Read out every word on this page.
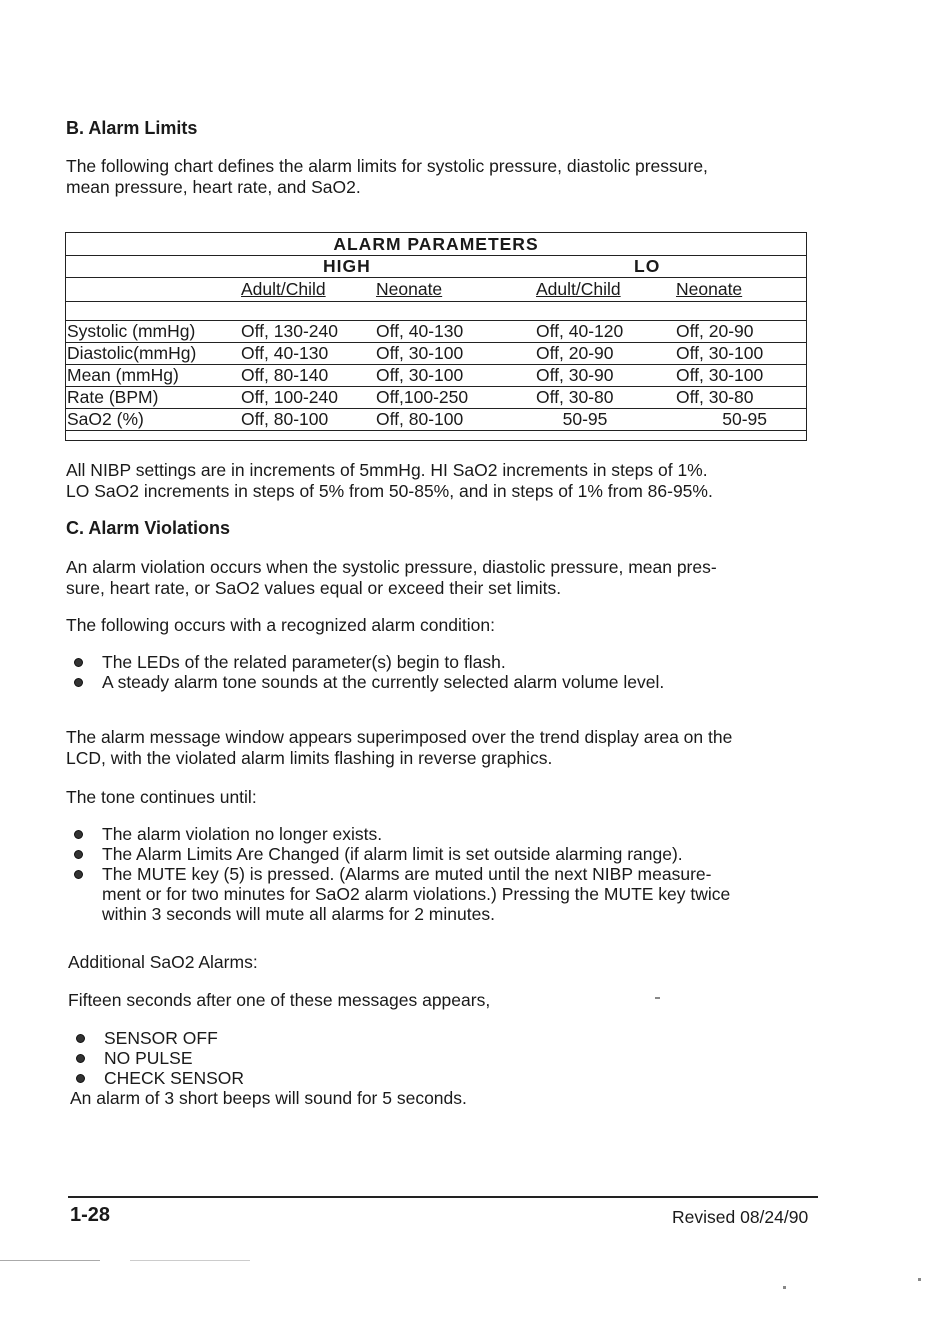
B. Alarm Limits
The following chart defines the alarm limits for systolic pressure, diastolic pressure,
mean pressure, heart rate, and SaO2.
ALARM PARAMETERS				
	HIGH		LO	
	Adult/Child	Neonate	Adult/Child	Neonate

Systolic (mmHg)	Off, 130-240	Off, 40-130	Off, 40-120	Off, 20-90
Diastolic(mmHg)	Off, 40-130	Off, 30-100	Off, 20-90	Off, 30-100
Mean (mmHg)	Off, 80-140	Off, 30-100	Off, 30-90	Off, 30-100
Rate (BPM)	Off, 100-240	Off,100-250	Off, 30-80	Off, 30-80
SaO2 (%)	Off, 80-100	Off, 80-100	50-95	50-95
All NIBP settings are in increments of 5mmHg. HI SaO2 increments in steps of 1%.
LO SaO2 increments in steps of 5% from 50-85%, and in steps of 1% from 86-95%.
C. Alarm Violations
An alarm violation occurs when the systolic pressure, diastolic pressure, mean pres-
sure, heart rate, or SaO2 values equal or exceed their set limits.
The following occurs with a recognized alarm condition:
The LEDs of the related parameter(s) begin to flash.
A steady alarm tone sounds at the currently selected alarm volume level.
The alarm message window appears superimposed over the trend display area on the
LCD, with the violated alarm limits flashing in reverse graphics.
The tone continues until:
The alarm violation no longer exists.
The Alarm Limits Are Changed (if alarm limit is set outside alarming range).
The MUTE key (5) is pressed. (Alarms are muted until the next NIBP measure-
ment or for two minutes for SaO2 alarm violations.) Pressing the MUTE key twice
within 3 seconds will mute all alarms for 2 minutes.
Additional SaO2 Alarms:
Fifteen seconds after one of these messages appears,
SENSOR OFF
NO PULSE
CHECK SENSOR
An alarm of 3 short beeps will sound for 5 seconds.
1-28	Revised 08/24/90
